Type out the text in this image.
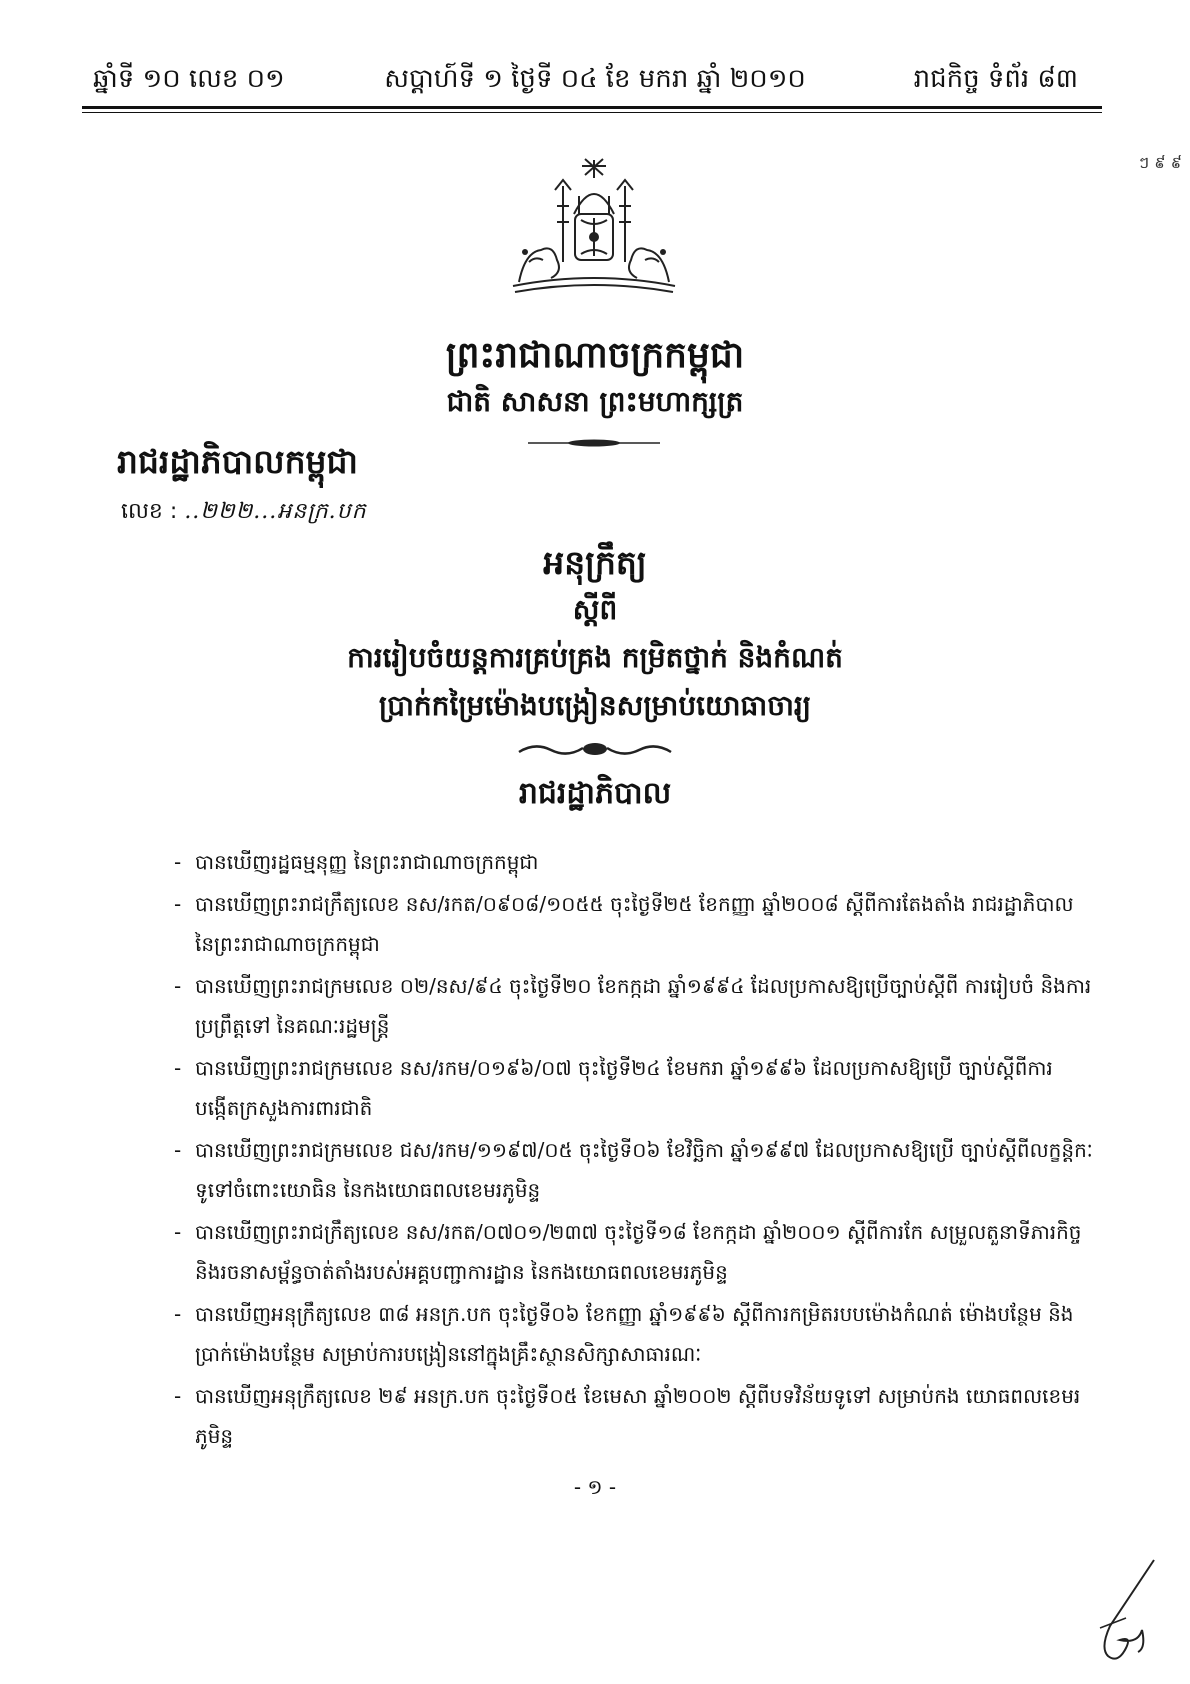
ឆ្នាំទី ១០ លេខ ០១	សប្តាហ៍ទី ១ ថ្ងៃទី ០៤ ខែ មករា ឆ្នាំ ២០១០	រាជកិច្ច ទំព័រ ៨៣
ៗ ៩ ៩
ព្រះរាជាណាចក្រកម្ពុជា
ជាតិ សាសនា ព្រះមហាក្សត្រ
រាជរដ្ឋាភិបាលកម្ពុជា
លេខ : ..២២២...អនក្រ.បក
អនុក្រឹត្យ
ស្តីពី
ការរៀបចំយន្តការគ្រប់គ្រង កម្រិតថ្នាក់ និងកំណត់
ប្រាក់កម្រៃម៉ោងបង្រៀនសម្រាប់យោធាចារ្យ
រាជរដ្ឋាភិបាល
- បានឃើញរដ្ឋធម្មនុញ្ញ នៃព្រះរាជាណាចក្រកម្ពុជា
- បានឃើញព្រះរាជក្រឹត្យលេខ នស/រកត/០៩០៨/១០៥៥ ចុះថ្ងៃទី២៥ ខែកញ្ញា ឆ្នាំ២០០៨ ស្តីពីការតែងតាំង រាជរដ្ឋាភិបាល នៃព្រះរាជាណាចក្រកម្ពុជា
- បានឃើញព្រះរាជក្រមលេខ ០២/នស/៩៤ ចុះថ្ងៃទី២០ ខែកក្កដា ឆ្នាំ១៩៩៤ ដែលប្រកាសឱ្យប្រើច្បាប់ស្តីពី ការរៀបចំ និងការប្រព្រឹត្តទៅ នៃគណៈរដ្ឋមន្ត្រី
- បានឃើញព្រះរាជក្រមលេខ នស/រកម/០១៩៦/០៧ ចុះថ្ងៃទី២៤ ខែមករា ឆ្នាំ១៩៩៦ ដែលប្រកាសឱ្យប្រើ ច្បាប់ស្តីពីការបង្កើតក្រសួងការពារជាតិ
- បានឃើញព្រះរាជក្រមលេខ ជស/រកម/១១៩៧/០៥ ចុះថ្ងៃទី០៦ ខែវិច្ឆិកា ឆ្នាំ១៩៩៧ ដែលប្រកាសឱ្យប្រើ ច្បាប់ស្តីពីលក្ខន្តិកៈទូទៅចំពោះយោធិន នៃកងយោធពលខេមរភូមិន្ទ
- បានឃើញព្រះរាជក្រឹត្យលេខ នស/រកត/០៧០១/២៣៧ ចុះថ្ងៃទី១៨ ខែកក្កដា ឆ្នាំ២០០១ ស្តីពីការកែ សម្រួលតួនាទីភារកិច្ច និងរចនាសម្ព័ន្ធចាត់តាំងរបស់អគ្គបញ្ជាការដ្ឋាន នៃកងយោធពលខេមរភូមិន្ទ
- បានឃើញអនុក្រឹត្យលេខ ៣៨ អនក្រ.បក ចុះថ្ងៃទី០៦ ខែកញ្ញា ឆ្នាំ១៩៩៦ ស្តីពីការកម្រិតរបបម៉ោងកំណត់ ម៉ោងបន្ថែម និងប្រាក់ម៉ោងបន្ថែម សម្រាប់ការបង្រៀននៅក្នុងគ្រឹះស្ថានសិក្សាសាធារណៈ
- បានឃើញអនុក្រឹត្យលេខ ២៩ អនក្រ.បក ចុះថ្ងៃទី០៥ ខែមេសា ឆ្នាំ២០០២ ស្តីពីបទវិន័យទូទៅ សម្រាប់កង យោធពលខេមរភូមិន្ទ
- ១ -
